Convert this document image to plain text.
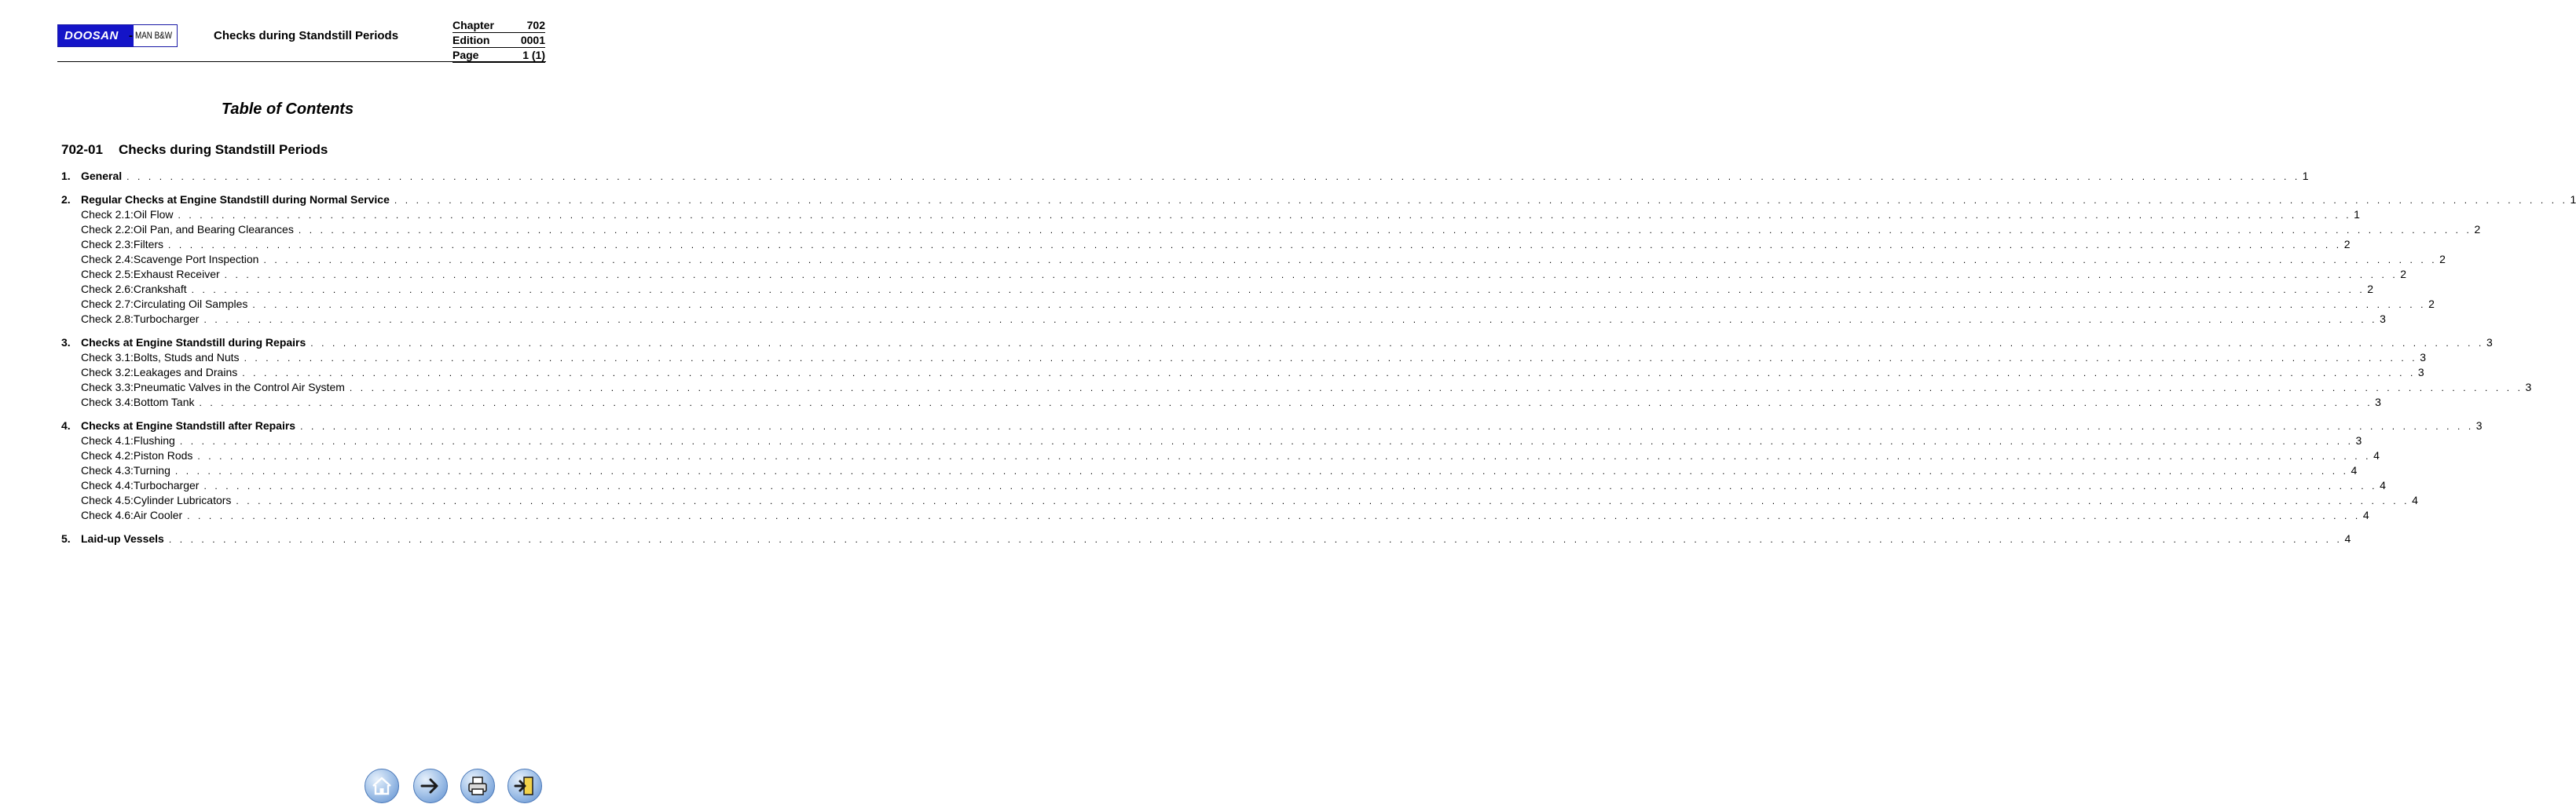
DOOSAN - MAN B&W	Checks during Standstill Periods
Chapter	702
Edition	0001
Page	1 (1)
Table of Contents
702-01 Checks during Standstill Periods
1. General . . . . . . . . . . . . . . . . . . . . . . . . . . . . . . . . . . . . . . . . . . . . . . . . . . . . . . . . . . . . . . . . . . . . . . . . . . . . . . . . . . . . . . . . . . . . . . . . . . . . . . . . . . . . . . . . . . . . . . . . . . . . . . . . . . . . . . . . . . . . . . . . . . . . . . . . . . . . . . . . . . . . . . . . . . . . . . . . . . . . . . . . . . . . . . . . . . . . . . . . 1
2. Regular Checks at Engine Standstill during Normal Service . . . . . . . . . . . . . . . . . . . . . . . . . . . . . . . . . . . . . . . . . . . . . . . . . . . . . . . . . . . . . . . . . . . . . . . . . . . . . . . . . . . . . . . . . . . . . . . . . . . . . . . . . . . . . . . . . . . . . . . . . . . . . . . . . . . . . . . . . . . . . . . . . . . . . . . . . . . . . . . . . . . . . . . . . . . . . . . . . . . . . . . . . . . . . . . . . . . . . . . . 1
Check 2.1:Oil Flow . . . . . . . . . . . . . . . . . . . . . . . . . . . . . . . . . . . . . . . . . . . . . . . . . . . . . . . . . . . . . . . . . . . . . . . . . . . . . . . . . . . . . . . . . . . . . . . . . . . . . . . . . . . . . . . . . . . . . . . . . . . . . . . . . . . . . . . . . . . . . . . . . . . . . . . . . . . . . . . . . . . . . . . . . . . . . . . . . . . . . . . . . . . . . . . . . . . . . . . . 1
Check 2.2:Oil Pan, and Bearing Clearances . . . . . . . . . . . . . . . . . . . . . . . . . . . . . . . . . . . . . . . . . . . . . . . . . . . . . . . . . . . . . . . . . . . . . . . . . . . . . . . . . . . . . . . . . . . . . . . . . . . . . . . . . . . . . . . . . . . . . . . . . . . . . . . . . . . . . . . . . . . . . . . . . . . . . . . . . . . . . . . . . . . . . . . . . . . . . . . . . . . . . . . . . . . . . . . . . . . . . . . . 2
Check 2.3:Filters . . . . . . . . . . . . . . . . . . . . . . . . . . . . . . . . . . . . . . . . . . . . . . . . . . . . . . . . . . . . . . . . . . . . . . . . . . . . . . . . . . . . . . . . . . . . . . . . . . . . . . . . . . . . . . . . . . . . . . . . . . . . . . . . . . . . . . . . . . . . . . . . . . . . . . . . . . . . . . . . . . . . . . . . . . . . . . . . . . . . . . . . . . . . . . . . . . . . . . . . 2
Check 2.4:Scavenge Port Inspection . . . . . . . . . . . . . . . . . . . . . . . . . . . . . . . . . . . . . . . . . . . . . . . . . . . . . . . . . . . . . . . . . . . . . . . . . . . . . . . . . . . . . . . . . . . . . . . . . . . . . . . . . . . . . . . . . . . . . . . . . . . . . . . . . . . . . . . . . . . . . . . . . . . . . . . . . . . . . . . . . . . . . . . . . . . . . . . . . . . . . . . . . . . . . . . . . . . . . . . . 2
Check 2.5:Exhaust Receiver . . . . . . . . . . . . . . . . . . . . . . . . . . . . . . . . . . . . . . . . . . . . . . . . . . . . . . . . . . . . . . . . . . . . . . . . . . . . . . . . . . . . . . . . . . . . . . . . . . . . . . . . . . . . . . . . . . . . . . . . . . . . . . . . . . . . . . . . . . . . . . . . . . . . . . . . . . . . . . . . . . . . . . . . . . . . . . . . . . . . . . . . . . . . . . . . . . . . . . . . 2
Check 2.6:Crankshaft . . . . . . . . . . . . . . . . . . . . . . . . . . . . . . . . . . . . . . . . . . . . . . . . . . . . . . . . . . . . . . . . . . . . . . . . . . . . . . . . . . . . . . . . . . . . . . . . . . . . . . . . . . . . . . . . . . . . . . . . . . . . . . . . . . . . . . . . . . . . . . . . . . . . . . . . . . . . . . . . . . . . . . . . . . . . . . . . . . . . . . . . . . . . . . . . . . . . . . . . 2
Check 2.7:Circulating Oil Samples . . . . . . . . . . . . . . . . . . . . . . . . . . . . . . . . . . . . . . . . . . . . . . . . . . . . . . . . . . . . . . . . . . . . . . . . . . . . . . . . . . . . . . . . . . . . . . . . . . . . . . . . . . . . . . . . . . . . . . . . . . . . . . . . . . . . . . . . . . . . . . . . . . . . . . . . . . . . . . . . . . . . . . . . . . . . . . . . . . . . . . . . . . . . . . . . . . . . . . . . 2
Check 2.8:Turbocharger . . . . . . . . . . . . . . . . . . . . . . . . . . . . . . . . . . . . . . . . . . . . . . . . . . . . . . . . . . . . . . . . . . . . . . . . . . . . . . . . . . . . . . . . . . . . . . . . . . . . . . . . . . . . . . . . . . . . . . . . . . . . . . . . . . . . . . . . . . . . . . . . . . . . . . . . . . . . . . . . . . . . . . . . . . . . . . . . . . . . . . . . . . . . . . . . . . . . . . . . 3
3. Checks at Engine Standstill during Repairs . . . . . . . . . . . . . . . . . . . . . . . . . . . . . . . . . . . . . . . . . . . . . . . . . . . . . . . . . . . . . . . . . . . . . . . . . . . . . . . . . . . . . . . . . . . . . . . . . . . . . . . . . . . . . . . . . . . . . . . . . . . . . . . . . . . . . . . . . . . . . . . . . . . . . . . . . . . . . . . . . . . . . . . . . . . . . . . . . . . . . . . . . . . . . . . . . . . . . . . . 3
Check 3.1:Bolts, Studs and Nuts . . . . . . . . . . . . . . . . . . . . . . . . . . . . . . . . . . . . . . . . . . . . . . . . . . . . . . . . . . . . . . . . . . . . . . . . . . . . . . . . . . . . . . . . . . . . . . . . . . . . . . . . . . . . . . . . . . . . . . . . . . . . . . . . . . . . . . . . . . . . . . . . . . . . . . . . . . . . . . . . . . . . . . . . . . . . . . . . . . . . . . . . . . . . . . . . . . . . . . . . 3
Check 3.2:Leakages and Drains . . . . . . . . . . . . . . . . . . . . . . . . . . . . . . . . . . . . . . . . . . . . . . . . . . . . . . . . . . . . . . . . . . . . . . . . . . . . . . . . . . . . . . . . . . . . . . . . . . . . . . . . . . . . . . . . . . . . . . . . . . . . . . . . . . . . . . . . . . . . . . . . . . . . . . . . . . . . . . . . . . . . . . . . . . . . . . . . . . . . . . . . . . . . . . . . . . . . . . . . 3
Check 3.3:Pneumatic Valves in the Control Air System . . . . . . . . . . . . . . . . . . . . . . . . . . . . . . . . . . . . . . . . . . . . . . . . . . . . . . . . . . . . . . . . . . . . . . . . . . . . . . . . . . . . . . . . . . . . . . . . . . . . . . . . . . . . . . . . . . . . . . . . . . . . . . . . . . . . . . . . . . . . . . . . . . . . . . . . . . . . . . . . . . . . . . . . . . . . . . . . . . . . . . . . . . . . . . . . . . . . . . . . 3
Check 3.4:Bottom Tank . . . . . . . . . . . . . . . . . . . . . . . . . . . . . . . . . . . . . . . . . . . . . . . . . . . . . . . . . . . . . . . . . . . . . . . . . . . . . . . . . . . . . . . . . . . . . . . . . . . . . . . . . . . . . . . . . . . . . . . . . . . . . . . . . . . . . . . . . . . . . . . . . . . . . . . . . . . . . . . . . . . . . . . . . . . . . . . . . . . . . . . . . . . . . . . . . . . . . . . . 3
4. Checks at Engine Standstill after Repairs . . . . . . . . . . . . . . . . . . . . . . . . . . . . . . . . . . . . . . . . . . . . . . . . . . . . . . . . . . . . . . . . . . . . . . . . . . . . . . . . . . . . . . . . . . . . . . . . . . . . . . . . . . . . . . . . . . . . . . . . . . . . . . . . . . . . . . . . . . . . . . . . . . . . . . . . . . . . . . . . . . . . . . . . . . . . . . . . . . . . . . . . . . . . . . . . . . . . . . . . 3
Check 4.1:Flushing . . . . . . . . . . . . . . . . . . . . . . . . . . . . . . . . . . . . . . . . . . . . . . . . . . . . . . . . . . . . . . . . . . . . . . . . . . . . . . . . . . . . . . . . . . . . . . . . . . . . . . . . . . . . . . . . . . . . . . . . . . . . . . . . . . . . . . . . . . . . . . . . . . . . . . . . . . . . . . . . . . . . . . . . . . . . . . . . . . . . . . . . . . . . . . . . . . . . . . . . 3
Check 4.2:Piston Rods . . . . . . . . . . . . . . . . . . . . . . . . . . . . . . . . . . . . . . . . . . . . . . . . . . . . . . . . . . . . . . . . . . . . . . . . . . . . . . . . . . . . . . . . . . . . . . . . . . . . . . . . . . . . . . . . . . . . . . . . . . . . . . . . . . . . . . . . . . . . . . . . . . . . . . . . . . . . . . . . . . . . . . . . . . . . . . . . . . . . . . . . . . . . . . . . . . . . . . . . 4
Check 4.3:Turning . . . . . . . . . . . . . . . . . . . . . . . . . . . . . . . . . . . . . . . . . . . . . . . . . . . . . . . . . . . . . . . . . . . . . . . . . . . . . . . . . . . . . . . . . . . . . . . . . . . . . . . . . . . . . . . . . . . . . . . . . . . . . . . . . . . . . . . . . . . . . . . . . . . . . . . . . . . . . . . . . . . . . . . . . . . . . . . . . . . . . . . . . . . . . . . . . . . . . . . . 4
Check 4.4:Turbocharger . . . . . . . . . . . . . . . . . . . . . . . . . . . . . . . . . . . . . . . . . . . . . . . . . . . . . . . . . . . . . . . . . . . . . . . . . . . . . . . . . . . . . . . . . . . . . . . . . . . . . . . . . . . . . . . . . . . . . . . . . . . . . . . . . . . . . . . . . . . . . . . . . . . . . . . . . . . . . . . . . . . . . . . . . . . . . . . . . . . . . . . . . . . . . . . . . . . . . . . . 4
Check 4.5:Cylinder Lubricators . . . . . . . . . . . . . . . . . . . . . . . . . . . . . . . . . . . . . . . . . . . . . . . . . . . . . . . . . . . . . . . . . . . . . . . . . . . . . . . . . . . . . . . . . . . . . . . . . . . . . . . . . . . . . . . . . . . . . . . . . . . . . . . . . . . . . . . . . . . . . . . . . . . . . . . . . . . . . . . . . . . . . . . . . . . . . . . . . . . . . . . . . . . . . . . . . . . . . . . . 4
Check 4.6:Air Cooler . . . . . . . . . . . . . . . . . . . . . . . . . . . . . . . . . . . . . . . . . . . . . . . . . . . . . . . . . . . . . . . . . . . . . . . . . . . . . . . . . . . . . . . . . . . . . . . . . . . . . . . . . . . . . . . . . . . . . . . . . . . . . . . . . . . . . . . . . . . . . . . . . . . . . . . . . . . . . . . . . . . . . . . . . . . . . . . . . . . . . . . . . . . . . . . . . . . . . . . . 4
5. Laid-up Vessels . . . . . . . . . . . . . . . . . . . . . . . . . . . . . . . . . . . . . . . . . . . . . . . . . . . . . . . . . . . . . . . . . . . . . . . . . . . . . . . . . . . . . . . . . . . . . . . . . . . . . . . . . . . . . . . . . . . . . . . . . . . . . . . . . . . . . . . . . . . . . . . . . . . . . . . . . . . . . . . . . . . . . . . . . . . . . . . . . . . . . . . . . . . . . . . . . . . . . . . . 4
